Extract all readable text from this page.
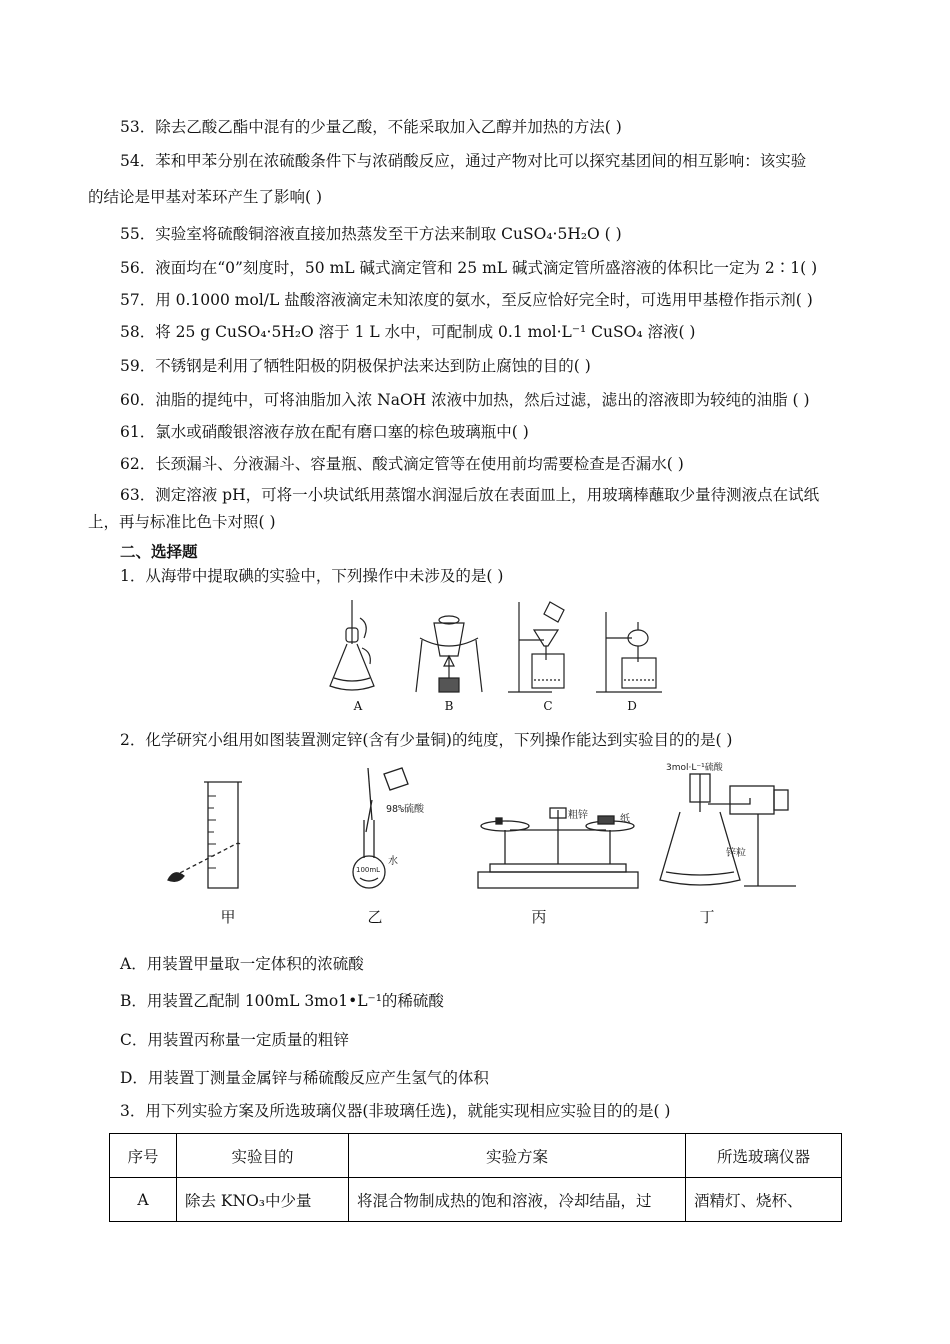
53．除去乙酸乙酯中混有的少量乙酸，不能采取加入乙醇并加热的方法( )
54．苯和甲苯分别在浓硫酸条件下与浓硝酸反应，通过产物对比可以探究基团间的相互影响：该实验
的结论是甲基对苯环产生了影响( )
55．实验室将硫酸铜溶液直接加热蒸发至干方法来制取 CuSO₄·5H₂O ( )
56．液面均在“0”刻度时，50 mL 碱式滴定管和 25 mL 碱式滴定管所盛溶液的体积比一定为 2∶1( )
57．用 0.1000 mol/L 盐酸溶液滴定未知浓度的氨水，至反应恰好完全时，可选用甲基橙作指示剂( )
58．将 25 g CuSO₄·5H₂O 溶于 1 L 水中，可配制成 0.1 mol·L⁻¹ CuSO₄ 溶液( )
59．不锈钢是利用了牺牲阳极的阴极保护法来达到防止腐蚀的目的( )
60．油脂的提纯中，可将油脂加入浓 NaOH 浓液中加热，然后过滤，滤出的溶液即为较纯的油脂 ( )
61．氯水或硝酸银溶液存放在配有磨口塞的棕色玻璃瓶中( )
62．长颈漏斗、分液漏斗、容量瓶、酸式滴定管等在使用前均需要检查是否漏水( )
63．测定溶液 pH，可将一小块试纸用蒸馏水润湿后放在表面皿上，用玻璃棒蘸取少量待测液点在试纸
上，再与标准比色卡对照( )
二、选择题
1．从海带中提取碘的实验中，下列操作中未涉及的是( )
A	B	C	D
2．化学研究小组用如图装置测定锌(含有少量铜)的纯度，下列操作能达到实验目的的是( )
98%硫酸
水
100mL
粗锌	纸
3mol·L⁻¹硫酸
锌粒
甲	乙	丙	丁
A．用装置甲量取一定体积的浓硫酸
B．用装置乙配制 100mL 3mo1•L⁻¹的稀硫酸
C．用装置丙称量一定质量的粗锌
D．用装置丁测量金属锌与稀硫酸反应产生氢气的体积
3．用下列实验方案及所选玻璃仪器(非玻璃任选)，就能实现相应实验目的的是( )
序号	实验目的	实验方案	所选玻璃仪器
A	除去 KNO₃中少量	将混合物制成热的饱和溶液，冷却结晶，过	酒精灯、烧杯、
